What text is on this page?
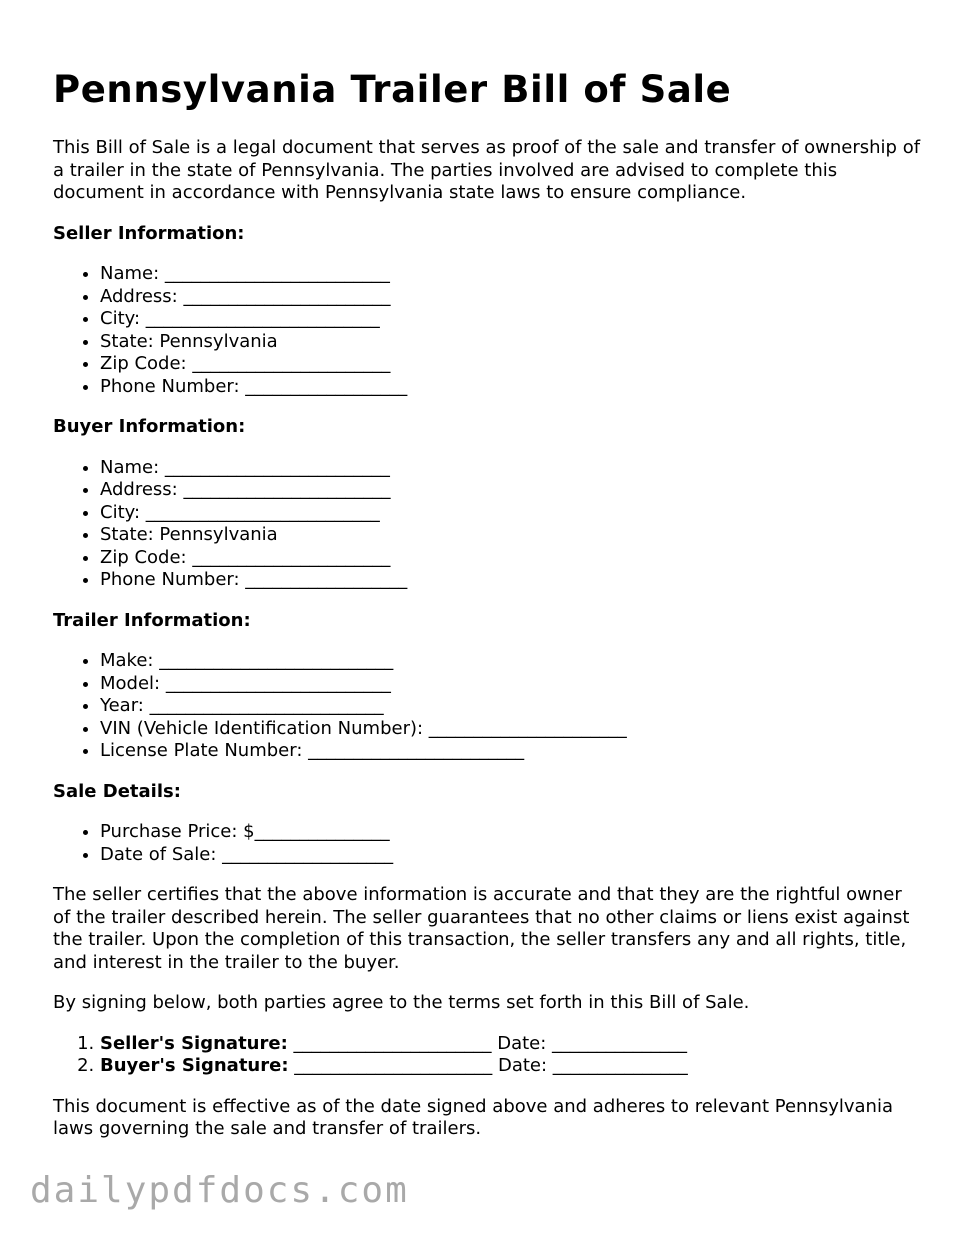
Pennsylvania Trailer Bill of Sale

This Bill of Sale is a legal document that serves as proof of the sale and transfer of ownership of a trailer in the state of Pennsylvania. The parties involved are advised to complete this document in accordance with Pennsylvania state laws to ensure compliance.

Seller Information:
• Name: _________________________
• Address: _______________________
• City: __________________________
• State: Pennsylvania
• Zip Code: ______________________
• Phone Number: __________________
Buyer Information:
• Name: _________________________
• Address: _______________________
• City: __________________________
• State: Pennsylvania
• Zip Code: ______________________
• Phone Number: __________________
Trailer Information:
• Make: __________________________
• Model: _________________________
• Year: __________________________
• VIN (Vehicle Identification Number): ______________________
• License Plate Number: ________________________
Sale Details:
• Purchase Price: $_______________
• Date of Sale: ___________________

The seller certifies that the above information is accurate and that they are the rightful owner of the trailer described herein. The seller guarantees that no other claims or liens exist against the trailer. Upon the completion of this transaction, the seller transfers any and all rights, title, and interest in the trailer to the buyer.

By signing below, both parties agree to the terms set forth in this Bill of Sale.

1. Seller's Signature: ______________________ Date: _______________
2. Buyer's Signature: ______________________ Date: _______________

This document is effective as of the date signed above and adheres to relevant Pennsylvania laws governing the sale and transfer of trailers.

dailypdfdocs.com
